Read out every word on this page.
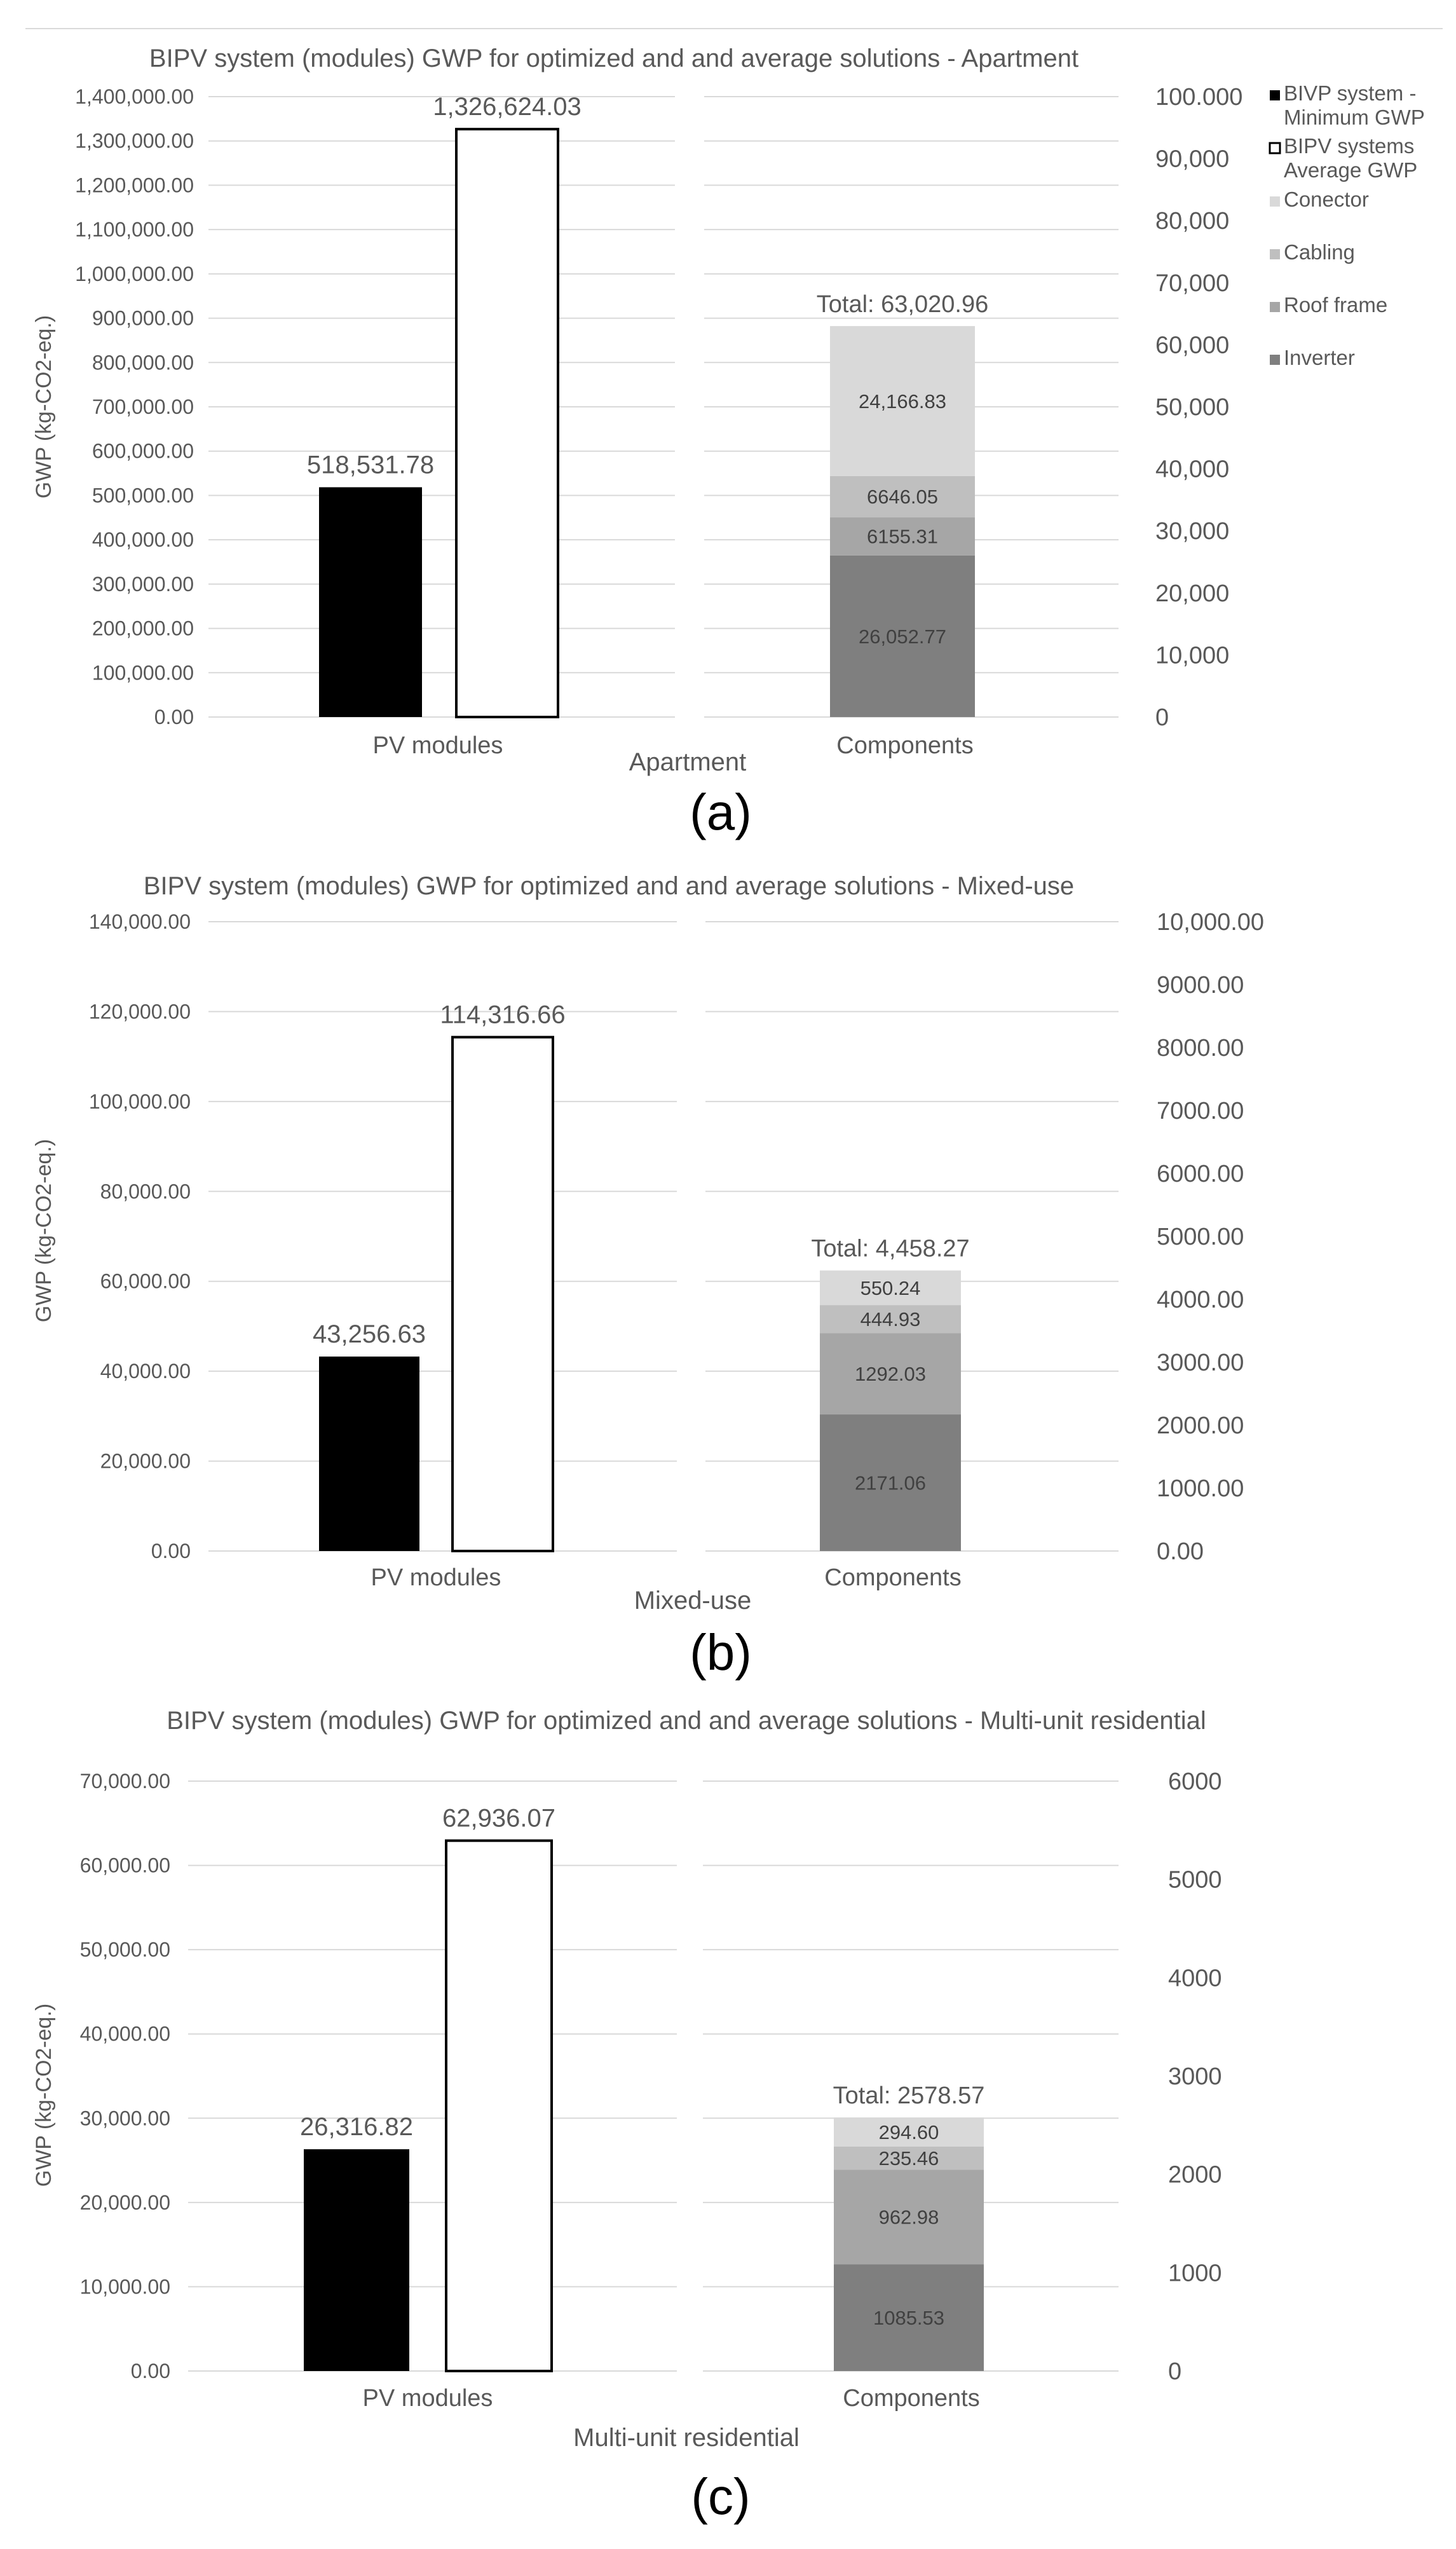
0.00
100,000.00
200,000.00
300,000.00
400,000.00
500,000.00
600,000.00
700,000.00
800,000.00
900,000.00
1,000,000.00
1,100,000.00
1,200,000.00
1,300,000.00
1,400,000.00
0
10,000
20,000
30,000
40,000
50,000
60,000
70,000
80,000
90,000
100.000
BIPV system (modules) GWP for optimized and and average solutions - Apartment
GWP (kg-CO2-eq.)	518,531.78
1,326,624.03
26,052.77
6155.31
6646.05
24,166.83
Total: 63,020.96
PV modules	Components
Apartment
(a)
0.00
20,000.00
40,000.00
60,000.00
80,000.00
100,000.00
120,000.00
140,000.00
0.00
1000.00
2000.00
3000.00
4000.00
5000.00
6000.00
7000.00
8000.00
9000.00
10,000.00
BIPV system (modules) GWP for optimized and and average solutions - Mixed-use
GWP (kg-CO2-eq.)
43,256.63
114,316.66
2171.06
1292.03
444.93
550.24
Total: 4,458.27
PV modules	Components
Mixed-use
(b)
0.00
10,000.00
20,000.00
30,000.00
40,000.00
50,000.00
60,000.00
70,000.00
0
1000
2000
3000
4000
5000
6000
BIPV system (modules) GWP for optimized and and average solutions - Multi-unit residential
GWP (kg-CO2-eq.)	26,316.82
62,936.07
1085.53
962.98
235.46
294.60
Total: 2578.57
PV modules	Components
Multi-unit residential
(c)
BIVP system -
Minimum GWP
BIPV systems
Average GWP
Conector
Cabling
Roof frame
Inverter
